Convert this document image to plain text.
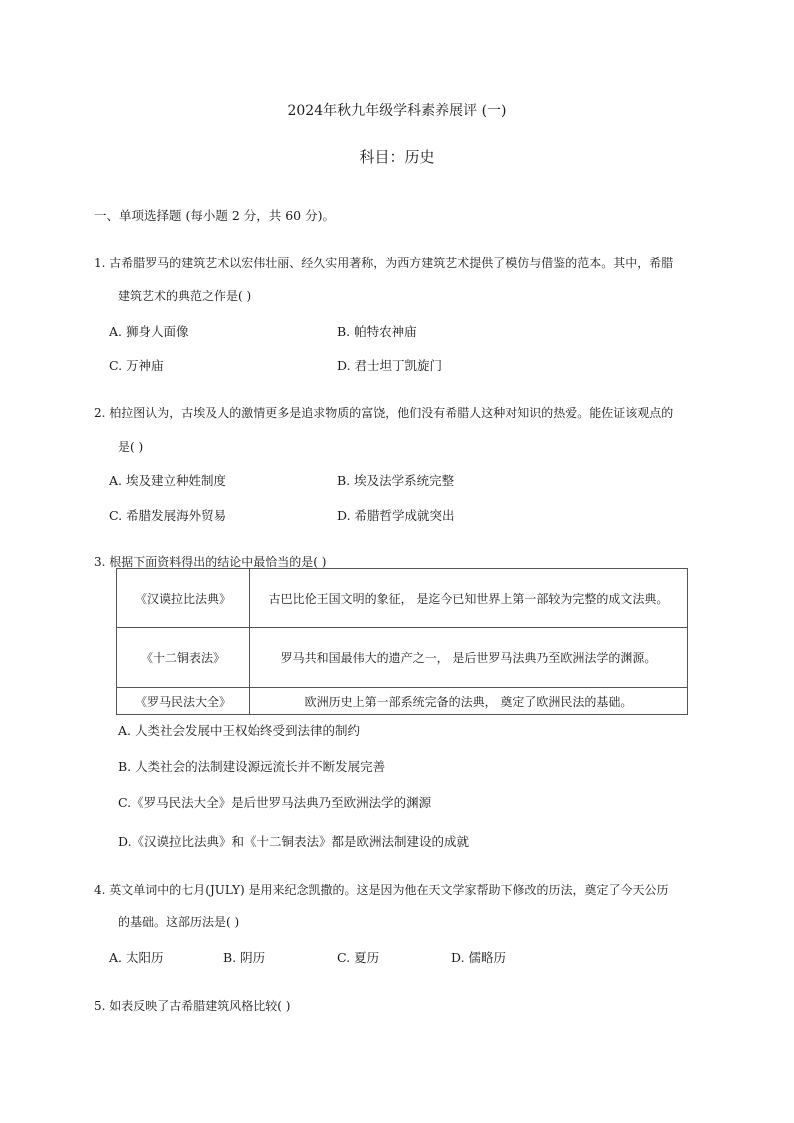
2024年秋九年级学科素养展评 (一)
科目：历史
一、单项选择题 (每小题 2 分，共 60 分)。
1. 古希腊罗马的建筑艺术以宏伟壮丽、经久实用著称，为西方建筑艺术提供了模仿与借鉴的范本。其中，希腊
建筑艺术的典范之作是( )
A. 狮身人面像	B. 帕特农神庙
C. 万神庙	D. 君士坦丁凯旋门
2. 柏拉图认为，古埃及人的激情更多是追求物质的富饶，他们没有希腊人这种对知识的热爱。能佐证该观点的
是( )
A. 埃及建立种姓制度	B. 埃及法学系统完整
C. 希腊发展海外贸易	D. 希腊哲学成就突出
3. 根据下面资料得出的结论中最恰当的是( )
《汉谟拉比法典》	古巴比伦王国文明的象征， 是迄今已知世界上第一部较为完整的成文法典。
《十二铜表法》	罗马共和国最伟大的遗产之一， 是后世罗马法典乃至欧洲法学的渊源。
《罗马民法大全》	欧洲历史上第一部系统完备的法典， 奠定了欧洲民法的基础。
A. 人类社会发展中王权始终受到法律的制约
B. 人类社会的法制建设源远流长并不断发展完善
C.《罗马民法大全》是后世罗马法典乃至欧洲法学的渊源
D.《汉谟拉比法典》和《十二铜表法》都是欧洲法制建设的成就
4. 英文单词中的七月(JULY) 是用来纪念凯撒的。这是因为他在天文学家帮助下修改的历法，奠定了今天公历
的基础。这部历法是( )
A. 太阳历	B. 阴历	C. 夏历	D. 儒略历
5. 如表反映了古希腊建筑风格比较( )
